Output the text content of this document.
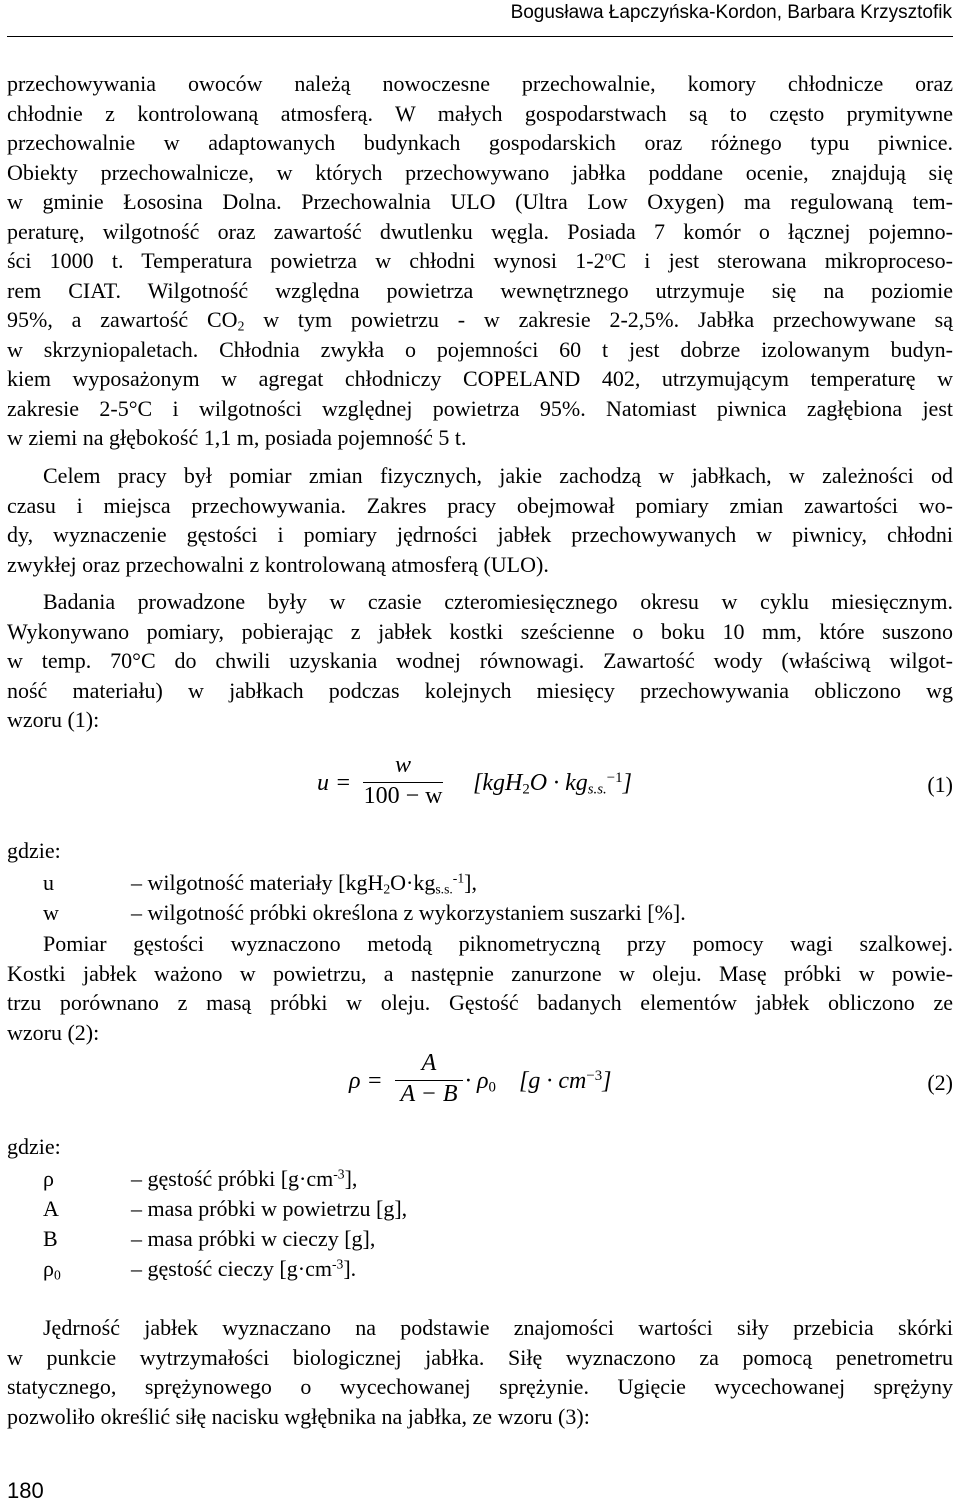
Bogusława Łapczyńska-Kordon, Barbara Krzysztofik
przechowywania owoców należą nowoczesne przechowalnie, komory chłodnicze oraz
chłodnie z kontrolowaną atmosferą. W małych gospodarstwach są to często prymitywne
przechowalnie w adaptowanych budynkach gospodarskich oraz różnego typu piwnice.
Obiekty przechowalnicze, w których przechowywano jabłka poddane ocenie, znajdują się
w gminie Łososina Dolna. Przechowalnia ULO (Ultra Low Oxygen) ma regulowaną tem-
peraturę, wilgotność oraz zawartość dwutlenku węgla. Posiada 7 komór o łącznej pojemno-
ści 1000 t. Temperatura powietrza w chłodni wynosi 1-2$^o$C i jest sterowana mikroproceso-
rem CIAT. Wilgotność względna powietrza wewnętrznego utrzymuje się na poziomie
95%, a zawartość $CO_2$ w tym powietrzu - w zakresie 2-2,5%. Jabłka przechowywane są
w skrzyniopaletach. Chłodnia zwykła o pojemności 60 t jest dobrze izolowanym budyn-
kiem wyposażonym w agregat chłodniczy COPELAND 402, utrzymującym temperaturę w
zakresie 2-5°C i wilgotności względnej powietrza 95%. Natomiast piwnica zagłębiona jest
w ziemi na głębokość 1,1 m, posiada pojemność 5 t.
Celem pracy był pomiar zmian fizycznych, jakie zachodzą w jabłkach, w zależności od
czasu i miejsca przechowywania. Zakres pracy obejmował pomiary zmian zawartości wo-
dy, wyznaczenie gęstości i pomiary jędrności jabłek przechowywanych w piwnicy, chłodni
zwykłej oraz przechowalni z kontrolowaną atmosferą (ULO).
Badania prowadzone były w czasie czteromiesięcznego okresu w cyklu miesięcznym.
Wykonywano pomiary, pobierając z jabłek kostki sześcienne o boku 10 mm, które suszono
w temp. 70°C do chwili uzyskania wodnej równowagi. Zawartość wody (właściwą wilgot-
ność materiału) w jabłkach podczas kolejnych miesięcy przechowywania obliczono wg
wzoru (1):
u =
w
100 − w $[kgH_2O \cdot kg_{s.s.}^{-1}]$	(1)
gdzie:
u	– wilgotność materiały $[kgH_2O\cdot kg_{s.s.}^{-1}]$,
w	– wilgotność próbki określona z wykorzystaniem suszarki [%].
Pomiar gęstości wyznaczono metodą piknometryczną przy pomocy wagi szalkowej.
Kostki jabłek ważono w powietrzu, a następnie zanurzone w oleju. Masę próbki w powie-
trzu porównano z masą próbki w oleju. Gęstość badanych elementów jabłek obliczono ze
wzoru (2):
ρ =
A
$A - B \cdot \rho_0$ $[g \cdot cm^{-3}]$	(2)
gdzie:
ρ	– gęstość próbki $[g\cdot cm^{-3}]$,
A	– masa próbki w powietrzu [g],
B	– masa próbki w cieczy [g],
$\rho_0$	– gęstość cieczy $[g\cdot cm^{-3}]$.
Jędrność jabłek wyznaczano na podstawie znajomości wartości siły przebicia skórki
w punkcie wytrzymałości biologicznej jabłka. Siłę wyznaczono za pomocą penetrometru
statycznego, sprężynowego o wycechowanej sprężynie. Ugięcie wycechowanej sprężyny
pozwoliło określić siłę nacisku wgłębnika na jabłka, ze wzoru (3):
180
